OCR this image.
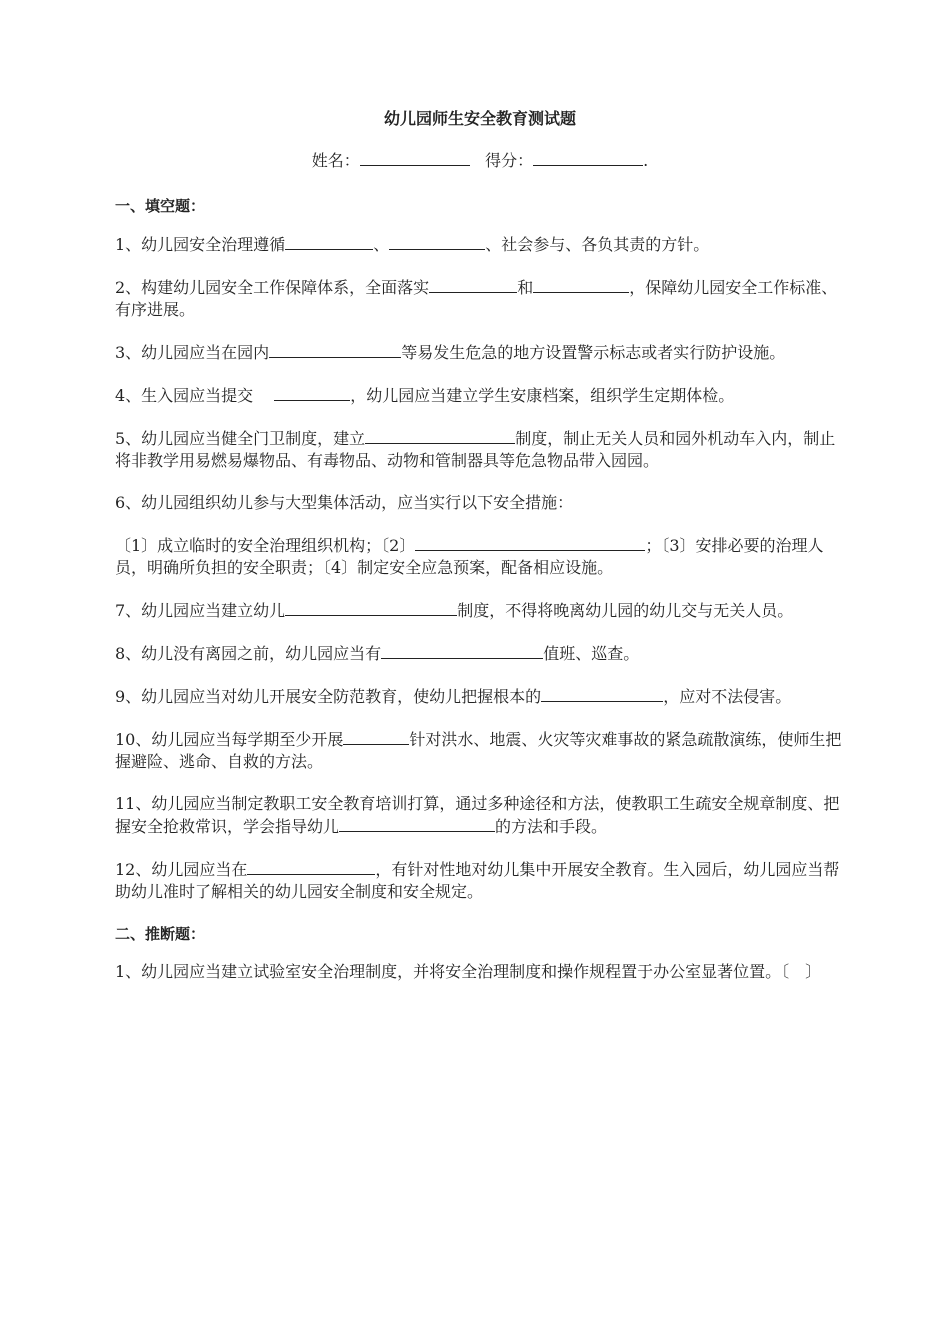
幼儿园师生安全教育测试题
姓名：	得分：	.
一、填空题：

1、幼儿园安全治理遵循	、	、社会参与、各负其责的方针。

2、构建幼儿园安全工作保障体系，全面落实	和	，保障幼儿园安全工作标准、有序进展。

3、幼儿园应当在园内	等易发生危急的地方设置警示标志或者实行防护设施。

4、生入园应当提交　	，幼儿园应当建立学生安康档案，组织学生定期体检。

5、幼儿园应当健全门卫制度，建立	制度，制止无关人员和园外机动车入内，制止将非教学用易燃易爆物品、有毒物品、动物和管制器具等危急物品带入园园。

6、幼儿园组织幼儿参与大型集体活动，应当实行以下安全措施：

〔1〕成立临时的安全治理组织机构；〔2〕	；〔3〕安排必要的治理人员，明确所负担的安全职责；〔4〕制定安全应急预案，配备相应设施。

7、幼儿园应当建立幼儿	制度，不得将晚离幼儿园的幼儿交与无关人员。

8、幼儿没有离园之前，幼儿园应当有	值班、巡查。

9、幼儿园应当对幼儿开展安全防范教育，使幼儿把握根本的	，应对不法侵害。

10、幼儿园应当每学期至少开展	针对洪水、地震、火灾等灾难事故的紧急疏散演练，使师生把握避险、逃命、自救的方法。

11、幼儿园应当制定教职工安全教育培训打算，通过多种途径和方法，使教职工生疏安全规章制度、把握安全抢救常识，学会指导幼儿	的方法和手段。

12、幼儿园应当在	，有针对性地对幼儿集中开展安全教育。生入园后，幼儿园应当帮助幼儿准时了解相关的幼儿园安全制度和安全规定。

二、推断题：

1、幼儿园应当建立试验室安全治理制度，并将安全治理制度和操作规程置于办公室显著位置。〔　〕
